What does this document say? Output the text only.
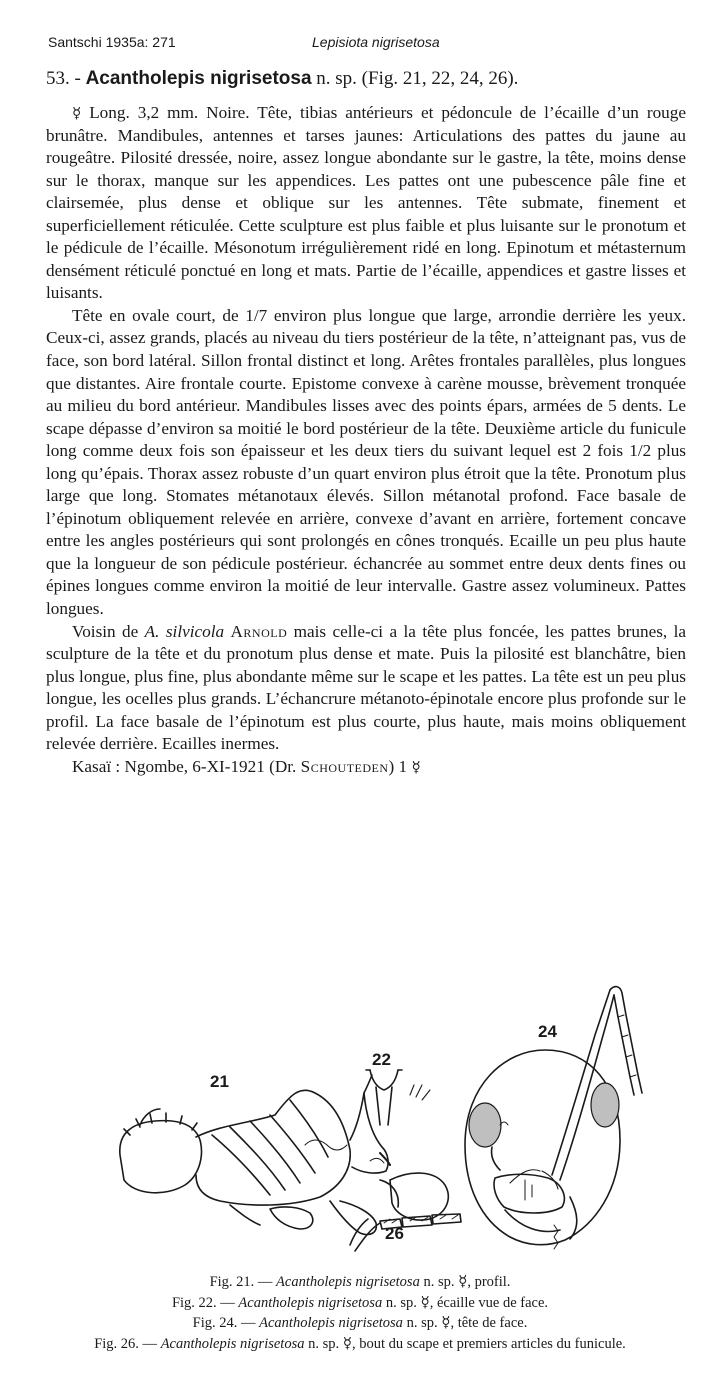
Santschi 1935a: 271	Lepisiota nigrisetosa
53. - Acantholepis nigrisetosa n. sp. (Fig. 21, 22, 24, 26).

☿ Long. 3,2 mm. Noire. Tête, tibias antérieurs et pédoncule de l’écaille d’un rouge brunâtre. Mandibules, antennes et tarses jaunes: Articulations des pattes du jaune au rougeâtre. Pilosité dressée, noire, assez longue abondante sur le gastre, la tête, moins dense sur le thorax, manque sur les appendices. Les pattes ont une pubescence pâle fine et clairsemée, plus dense et oblique sur les antennes. Tête submate, finement et superficiellement réticulée. Cette sculpture est plus faible et plus luisante sur le pronotum et le pédicule de l’écaille. Mésonotum irrégulièrement ridé en long. Epinotum et métasternum densément réticulé ponctué en long et mats. Partie de l’écaille, appendices et gastre lisses et luisants.

Tête en ovale court, de 1/7 environ plus longue que large, arrondie derrière les yeux. Ceux-ci, assez grands, placés au niveau du tiers postérieur de la tête, n’atteignant pas, vus de face, son bord latéral. Sillon frontal distinct et long. Arêtes frontales parallèles, plus longues que distantes. Aire frontale courte. Epistome convexe à carène mousse, brèvement tronquée au milieu du bord antérieur. Mandibules lisses avec des points épars, armées de 5 dents. Le scape dépasse d’environ sa moitié le bord postérieur de la tête. Deuxième article du funicule long comme deux fois son épaisseur et les deux tiers du suivant lequel est 2 fois 1/2 plus long qu’épais. Thorax assez robuste d’un quart environ plus étroit que la tête. Pronotum plus large que long. Stomates métanotaux élevés. Sillon métanotal profond. Face basale de l’épinotum obliquement relevée en arrière, convexe d’avant en arrière, fortement concave entre les angles postérieurs qui sont prolongés en cônes tronqués. Ecaille un peu plus haute que la longueur de son pédicule postérieur. échancrée au sommet entre deux dents fines ou épines longues comme environ la moitié de leur intervalle. Gastre assez volumineux. Pattes longues.

Voisin de A. silvicola Arnold mais celle-ci a la tête plus foncée, les pattes brunes, la sculpture de la tête et du pronotum plus dense et mate. Puis la pilosité est blanchâtre, bien plus longue, plus fine, plus abondante même sur le scape et les pattes. La tête est un peu plus longue, les ocelles plus grands. L’échancrure métanoto-épinotale encore plus profonde sur le profil. La face basale de l’épinotum est plus courte, plus haute, mais moins obliquement relevée derrière. Ecailles inermes.

Kasaï : Ngombe, 6-XI-1921 (Dr. Schouteden) 1 ☿

21
22
24
26
Fig. 21. — Acantholepis nigrisetosa n. sp. ☿, profil.
Fig. 22. — Acantholepis nigrisetosa n. sp. ☿, écaille vue de face.
Fig. 24. — Acantholepis nigrisetosa n. sp. ☿, tête de face.
Fig. 26. — Acantholepis nigrisetosa n. sp. ☿, bout du scape et premiers articles du funicule.
